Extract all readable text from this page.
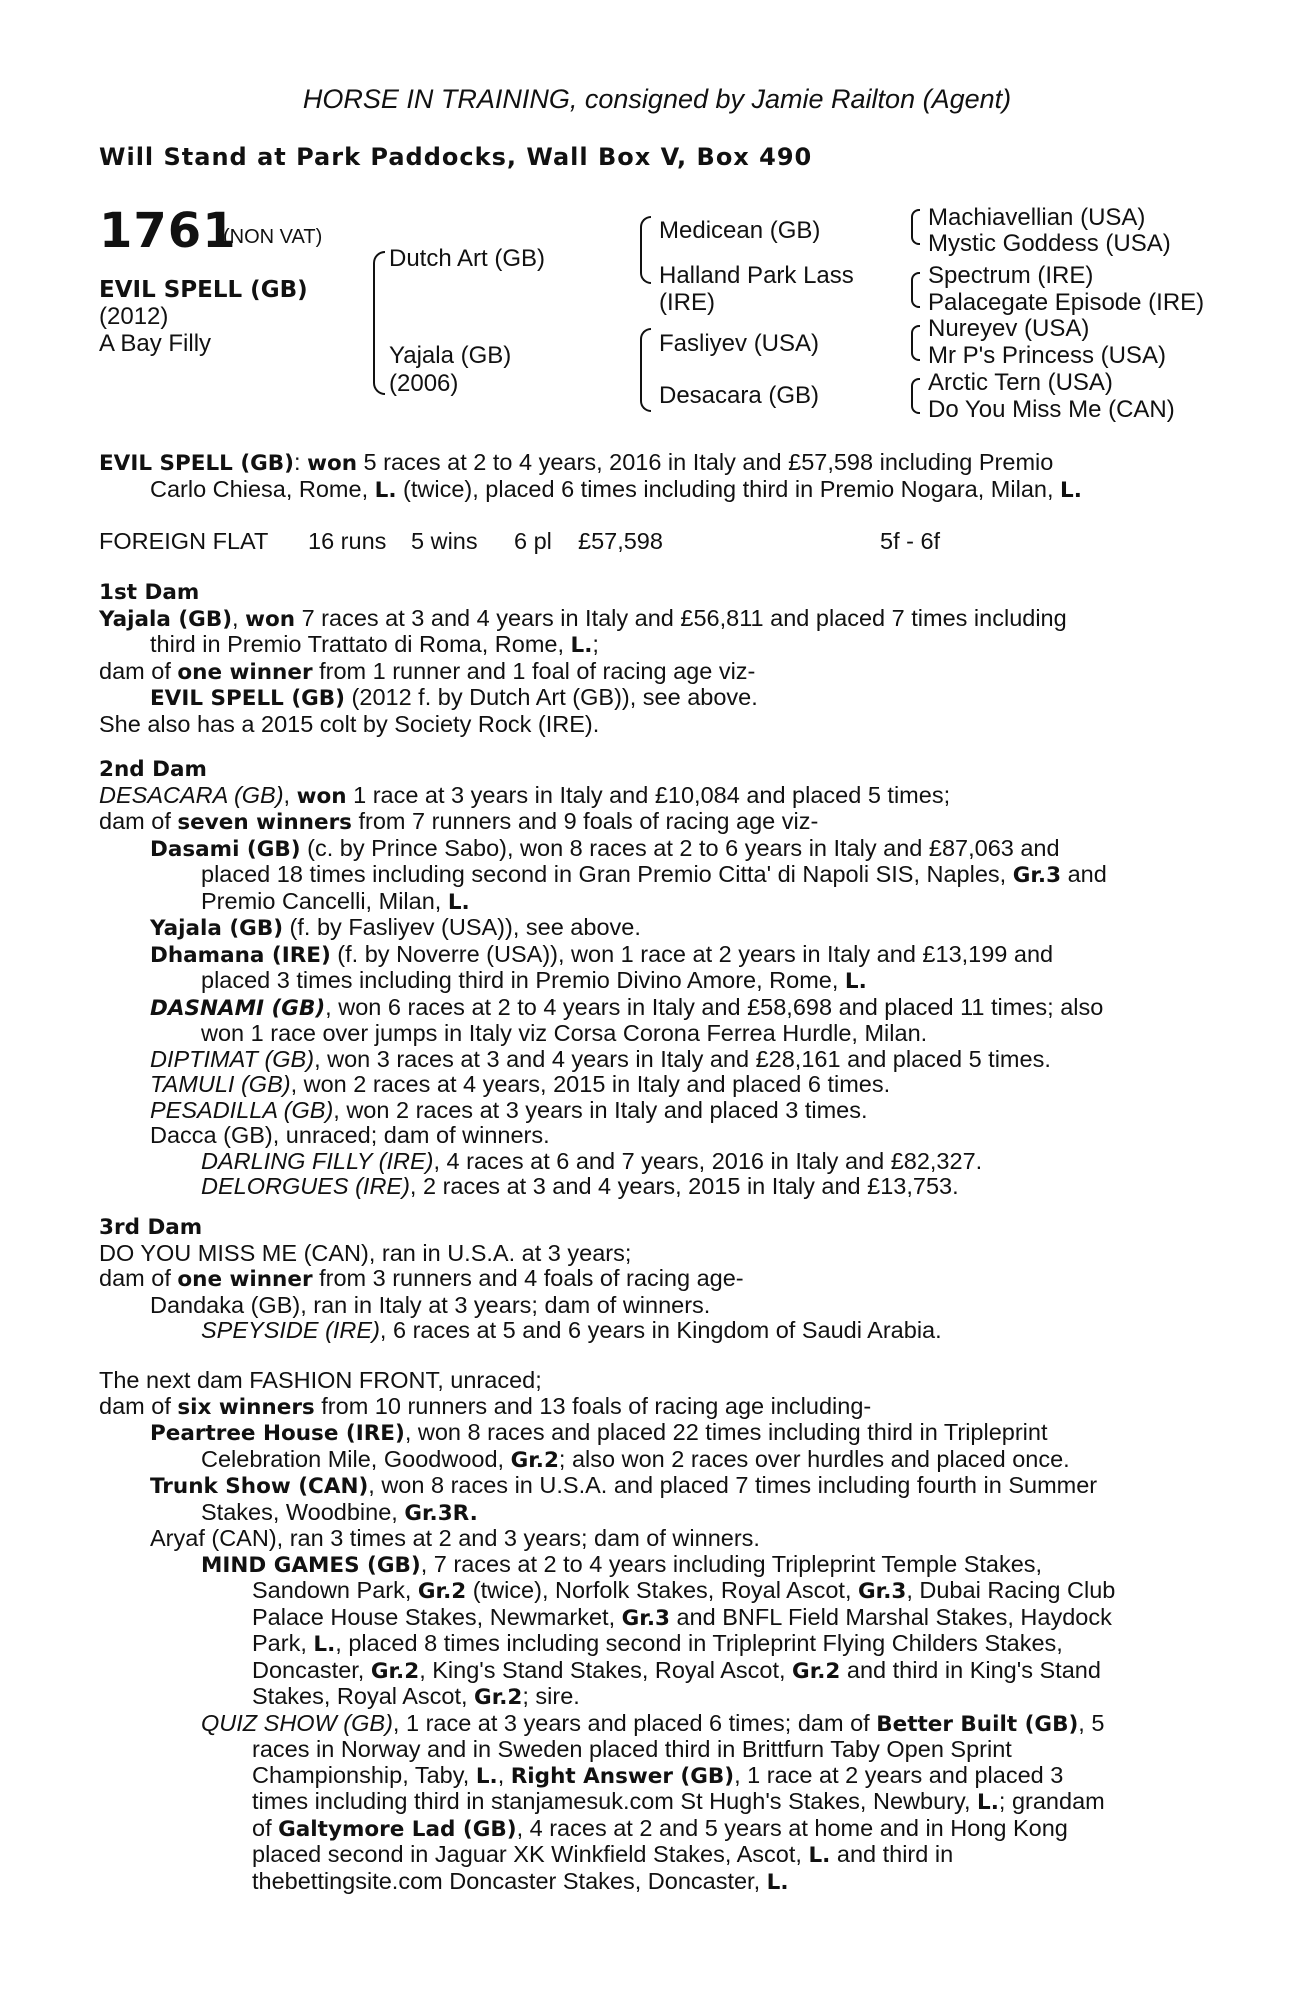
HORSE IN TRAINING, consigned by Jamie Railton (Agent)
Will Stand at Park Paddocks, Wall Box V, Box 490
1761
(NON VAT)
EVIL SPELL (GB)
(2012)
A Bay Filly
Dutch Art (GB)
Yajala (GB)
(2006)
Medicean (GB)
Halland Park Lass
(IRE)
Fasliyev (USA)
Desacara (GB)
Machiavellian (USA)
Mystic Goddess (USA)
Spectrum (IRE)
Palacegate Episode (IRE)
Nureyev (USA)
Mr P's Princess (USA)
Arctic Tern (USA)
Do You Miss Me (CAN)
EVIL SPELL (GB): won 5 races at 2 to 4 years, 2016 in Italy and £57,598 including Premio
Carlo Chiesa, Rome, L. (twice), placed 6 times including third in Premio Nogara, Milan, L.
FOREIGN FLAT 16 runs 5 wins 6 pl £57,598	5f - 6f
1st Dam
Yajala (GB), won 7 races at 3 and 4 years in Italy and £56,811 and placed 7 times including
third in Premio Trattato di Roma, Rome, L.;
dam of one winner from 1 runner and 1 foal of racing age viz-
EVIL SPELL (GB) (2012 f. by Dutch Art (GB)), see above.
She also has a 2015 colt by Society Rock (IRE).
2nd Dam
DESACARA (GB), won 1 race at 3 years in Italy and £10,084 and placed 5 times;
dam of seven winners from 7 runners and 9 foals of racing age viz-
Dasami (GB) (c. by Prince Sabo), won 8 races at 2 to 6 years in Italy and £87,063 and
placed 18 times including second in Gran Premio Citta' di Napoli SIS, Naples, Gr.3 and
Premio Cancelli, Milan, L.
Yajala (GB) (f. by Fasliyev (USA)), see above.
Dhamana (IRE) (f. by Noverre (USA)), won 1 race at 2 years in Italy and £13,199 and
placed 3 times including third in Premio Divino Amore, Rome, L.
DASNAMI (GB), won 6 races at 2 to 4 years in Italy and £58,698 and placed 11 times; also
won 1 race over jumps in Italy viz Corsa Corona Ferrea Hurdle, Milan.
DIPTIMAT (GB), won 3 races at 3 and 4 years in Italy and £28,161 and placed 5 times.
TAMULI (GB), won 2 races at 4 years, 2015 in Italy and placed 6 times.
PESADILLA (GB), won 2 races at 3 years in Italy and placed 3 times.
Dacca (GB), unraced; dam of winners.
DARLING FILLY (IRE), 4 races at 6 and 7 years, 2016 in Italy and £82,327.
DELORGUES (IRE), 2 races at 3 and 4 years, 2015 in Italy and £13,753.
3rd Dam
DO YOU MISS ME (CAN), ran in U.S.A. at 3 years;
dam of one winner from 3 runners and 4 foals of racing age-
Dandaka (GB), ran in Italy at 3 years; dam of winners.
SPEYSIDE (IRE), 6 races at 5 and 6 years in Kingdom of Saudi Arabia.
The next dam FASHION FRONT, unraced;
dam of six winners from 10 runners and 13 foals of racing age including-
Peartree House (IRE), won 8 races and placed 22 times including third in Tripleprint
Celebration Mile, Goodwood, Gr.2; also won 2 races over hurdles and placed once.
Trunk Show (CAN), won 8 races in U.S.A. and placed 7 times including fourth in Summer
Stakes, Woodbine, Gr.3R.
Aryaf (CAN), ran 3 times at 2 and 3 years; dam of winners.
MIND GAMES (GB), 7 races at 2 to 4 years including Tripleprint Temple Stakes,
Sandown Park, Gr.2 (twice), Norfolk Stakes, Royal Ascot, Gr.3, Dubai Racing Club
Palace House Stakes, Newmarket, Gr.3 and BNFL Field Marshal Stakes, Haydock
Park, L., placed 8 times including second in Tripleprint Flying Childers Stakes,
Doncaster, Gr.2, King's Stand Stakes, Royal Ascot, Gr.2 and third in King's Stand
Stakes, Royal Ascot, Gr.2; sire.
QUIZ SHOW (GB), 1 race at 3 years and placed 6 times; dam of Better Built (GB), 5
races in Norway and in Sweden placed third in Brittfurn Taby Open Sprint
Championship, Taby, L., Right Answer (GB), 1 race at 2 years and placed 3
times including third in stanjamesuk.com St Hugh's Stakes, Newbury, L.; grandam
of Galtymore Lad (GB), 4 races at 2 and 5 years at home and in Hong Kong
placed second in Jaguar XK Winkfield Stakes, Ascot, L. and third in
thebettingsite.com Doncaster Stakes, Doncaster, L.
